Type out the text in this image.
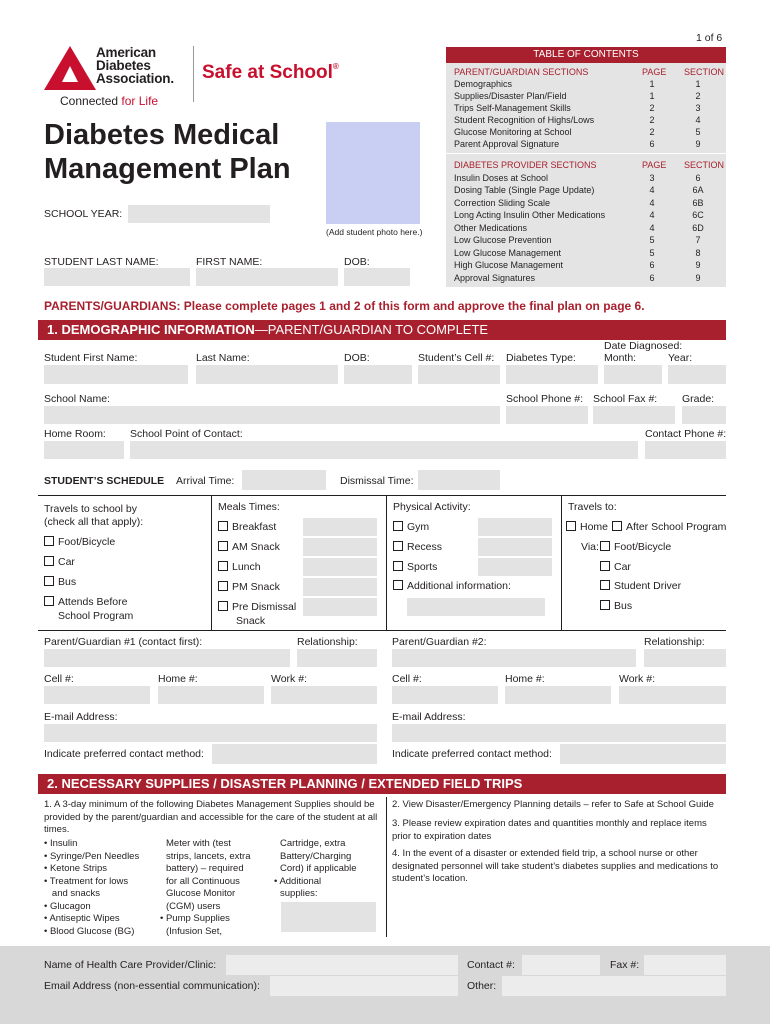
1 of 6
American
Diabetes
Association. Safe at School®
Connected for Life
Diabetes Medical
Management Plan
(Add student photo here.)
SCHOOL YEAR:
STUDENT LAST NAME:	FIRST NAME:	DOB:
TABLE OF CONTENTS
PARENT/GUARDIAN SECTIONS	PAGE SECTION
Demographics	1	1
Supplies/Disaster Plan/Field	1	2
Trips Self-Management Skills	2	3
Student Recognition of Highs/Lows	2	4
Glucose Monitoring at School	2	5
Parent Approval Signature	6	9
DIABETES PROVIDER SECTIONS	PAGE SECTION
Insulin Doses at School	3	6
Dosing Table (Single Page Update)	4	6A
Correction Sliding Scale	4	6B
Long Acting Insulin Other Medications	4	6C
Other Medications	4	6D
Low Glucose Prevention	5	7
Low Glucose Management	5	8
High Glucose Management	6	9
Approval Signatures	6	9
PARENTS/GUARDIANS: Please complete pages 1 and 2 of this form and approve the final plan on page 6.
1. DEMOGRAPHIC INFORMATION—PARENT/GUARDIAN TO COMPLETE
Date Diagnosed:
Student First Name:	Last Name:	DOB:	Student’s Cell #: Diabetes Type:	Month:	Year:
School Name:	School Phone #: School Fax #: Grade:
Home Room: School Point of Contact:	Contact Phone #:
STUDENT’S SCHEDULE Arrival Time:	Dismissal Time:
Travels to school by
(check all that apply):
Foot/Bicycle
Car
Bus
Attends Before
School Program
Meals Times:
Breakfast
AM Snack
Lunch
PM Snack
Pre Dismissal
Snack
Physical Activity:
Gym
Recess
Sports
Additional information:
Travels to:
Home	After School Program
Via:	Foot/Bicycle
Car
Student Driver
Bus
Parent/Guardian #1 (contact first):	Relationship:	Parent/Guardian #2:	Relationship:
Cell #:	Home #:	Work #:	Cell #:	Home #:	Work #:
E-mail Address:	E-mail Address:
Indicate preferred contact method:	Indicate preferred contact method:
2. NECESSARY SUPPLIES / DISASTER PLANNING / EXTENDED FIELD TRIPS
1. A 3-day minimum of the following Diabetes Management Supplies should be provided by the parent/guardian and accessible for the care of the student at all times.
• Insulin
• Syringe/Pen Needles
• Ketone Strips
• Treatment for lows
and snacks
• Glucagon
• Antiseptic Wipes
• Blood Glucose (BG)
Meter with (test
strips, lancets, extra
battery) – required
for all Continuous
Glucose Monitor
(CGM) users
• Pump Supplies
(Infusion Set,
Cartridge, extra
Battery/Charging
Cord) if applicable
• Additional
supplies:
2. View Disaster/Emergency Planning details – refer to Safe at School Guide
3. Please review expiration dates and quantities monthly and replace items prior to expiration dates
4. In the event of a disaster or extended field trip, a school nurse or other designated personnel will take student’s diabetes supplies and medications to student’s location.
Name of Health Care Provider/Clinic:	Contact #:	Fax #:
Email Address (non-essential communication):	Other:
